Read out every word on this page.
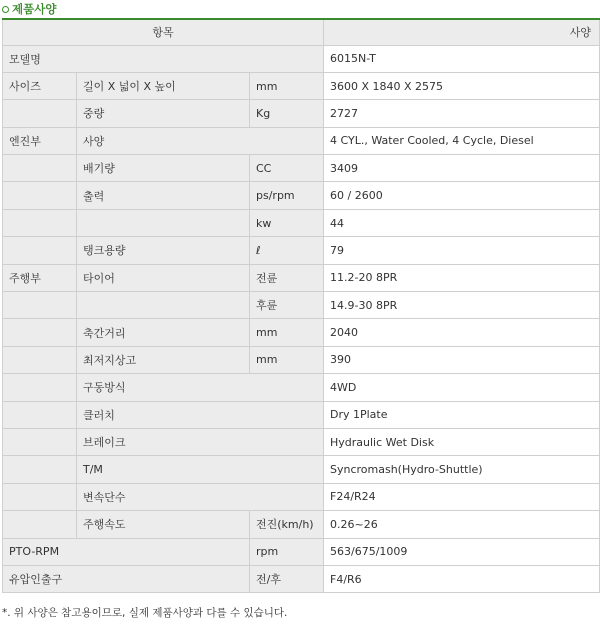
제품사양
항목			사양
모델명			6015N-T
사이즈	길이 X 넓이 X 높이	mm	3600 X 1840 X 2575
	중량	Kg	2727
엔진부	사양		4 CYL., Water Cooled, 4 Cycle, Diesel
	배기량	CC	3409
	출력	ps/rpm	60 / 2600
		kw	44
	탱크용량	ℓ	79
주행부	타이어	전륜	11.2-20 8PR
		후륜	14.9-30 8PR
	축간거리	mm	2040
	최저지상고	mm	390
	구동방식		4WD
	클러치		Dry 1Plate
	브레이크		Hydraulic Wet Disk
	T/M		Syncromash(Hydro-Shuttle)
	변속단수		F24/R24
	주행속도	전진(km/h)	0.26~26
PTO-RPM		rpm	563/675/1009
유압인출구		전/후	F4/R6
*. 위 사양은 참고용이므로, 실제 제품사양과 다를 수 있습니다.
